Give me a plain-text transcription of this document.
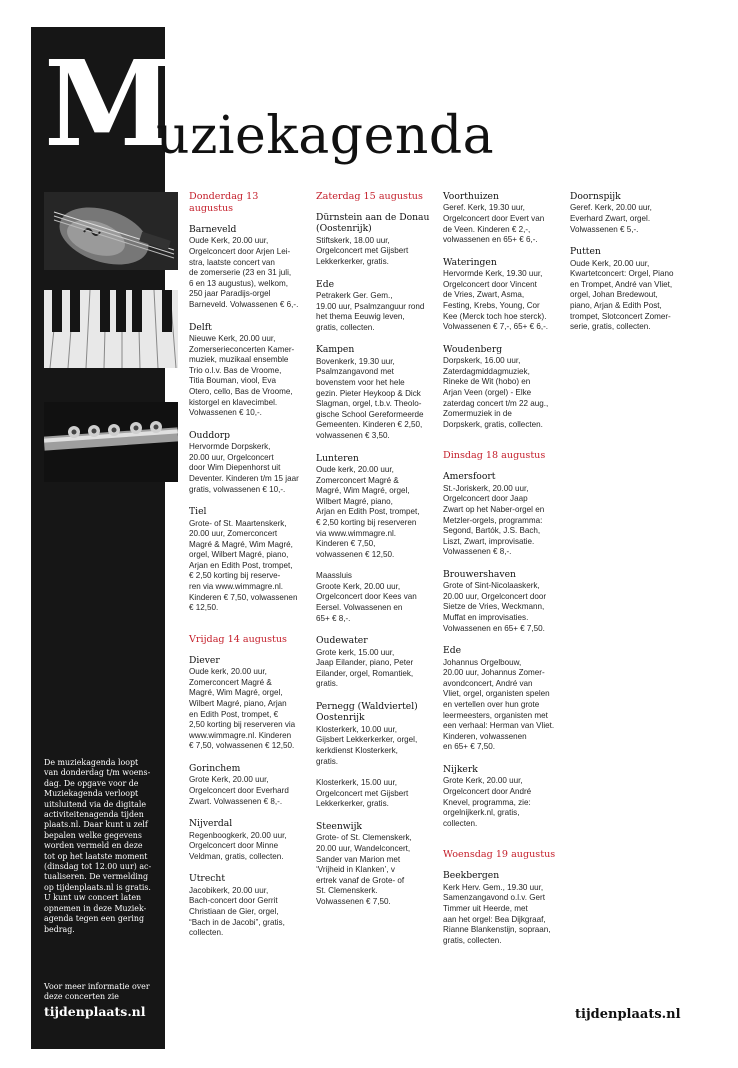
M
uziekagenda
Donderdag 13 augustus
Barneveld
Oude Kerk, 20.00 uur,
Orgelconcert door Arjen Lei-
stra, laatste concert van
de zomerserie (23 en 31 juli,
6 en 13 augustus), welkom,
250 jaar Paradijs-orgel
Barneveld. Volwassenen € 6,-.
Delft
Nieuwe Kerk, 20.00 uur,
Zomerserieconcerten Kamer-
muziek, muzikaal ensemble
Trio o.l.v. Bas de Vroome,
Titia Bouman, viool, Eva
Otero, cello, Bas de Vroome,
kistorgel en klavecimbel.
Volwassenen € 10,-.
Ouddorp
Hervormde Dorpskerk,
20.00 uur, Orgelconcert
door Wim Diepenhorst uit
Deventer. Kinderen t/m 15 jaar
gratis, volwassenen € 10,-.
Tiel
Grote- of St. Maartenskerk,
20.00 uur, Zomerconcert
Magré & Magré, Wim Magré,
orgel, Wilbert Magré, piano,
Arjan en Edith Post, trompet,
€ 2,50 korting bij reserve-
ren via www.wimmagre.nl.
Kinderen € 7,50, volwassenen
€ 12,50.
Vrijdag 14 augustus
Diever
Oude kerk, 20.00 uur,
Zomerconcert Magré &
Magré, Wim Magré, orgel,
Wilbert Magré, piano, Arjan
en Edith Post, trompet, €
2,50 korting bij reserveren via
www.wimmagre.nl. Kinderen
€ 7,50, volwassenen € 12,50.
Gorinchem
Grote Kerk, 20.00 uur,
Orgelconcert door Everhard
Zwart. Volwassenen € 8,-.
Nijverdal
Regenboogkerk, 20.00 uur,
Orgelconcert door Minne
Veldman, gratis, collecten.
Utrecht
Jacobikerk, 20.00 uur,
Bach-concert door Gerrit
Christiaan de Gier, orgel,
“Bach in de Jacobi”, gratis,
collecten.
Zaterdag 15 augustus
Dürnstein aan de Donau
(Oostenrijk)
Stiftskerk, 18.00 uur,
Orgelconcert met Gijsbert
Lekkerkerker, gratis.
Ede
Petrakerk Ger. Gem.,
19.00 uur, Psalmzanguur rond
het thema Eeuwig leven,
gratis, collecten.
Kampen
Bovenkerk, 19.30 uur,
Psalmzangavond met
bovenstem voor het hele
gezin. Pieter Heykoop & Dick
Slagman, orgel, t.b.v. Theolo-
gische School Gereformeerde
Gemeenten. Kinderen € 2,50,
volwassenen € 3,50.
Lunteren
Oude kerk, 20.00 uur,
Zomerconcert Magré &
Magré, Wim Magré, orgel,
Wilbert Magré, piano,
Arjan en Edith Post, trompet,
€ 2,50 korting bij reserveren
via www.wimmagre.nl.
Kinderen € 7,50,
volwassenen € 12,50.
Maassluis
Groote Kerk, 20.00 uur,
Orgelconcert door Kees van
Eersel. Volwassenen en
65+ € 8,-.
Oudewater
Grote kerk, 15.00 uur,
Jaap Eilander, piano, Peter
Eilander, orgel, Romantiek,
gratis.
Pernegg (Waldviertel)
Oostenrijk
Klosterkerk, 10.00 uur,
Gijsbert Lekkerkerker, orgel,
kerkdienst Klosterkerk,
gratis.
Klosterkerk, 15.00 uur,
Orgelconcert met Gijsbert
Lekkerkerker, gratis.
Steenwijk
Grote- of St. Clemenskerk,
20.00 uur, Wandelconcert,
Sander van Marion met
‘Vrijheid in Klanken’, v
ertrek vanaf de Grote- of
St. Clemenskerk.
Volwassenen € 7,50.
Voorthuizen
Geref. Kerk, 19.30 uur,
Orgelconcert door Evert van
de Veen. Kinderen € 2,-,
volwassenen en 65+ € 6,-.
Wateringen
Hervormde Kerk, 19.30 uur,
Orgelconcert door Vincent
de Vries, Zwart, Asma,
Festing, Krebs, Young, Cor
Kee (Merck toch hoe sterck).
Volwassenen € 7,-, 65+ € 6,-.
Woudenberg
Dorpskerk, 16.00 uur,
Zaterdagmiddagmuziek,
Rineke de Wit (hobo) en
Arjan Veen (orgel) - Elke
zaterdag concert t/m 22 aug.,
Zomermuziek in de
Dorpskerk, gratis, collecten.
Dinsdag 18 augustus
Amersfoort
St.-Joriskerk, 20.00 uur,
Orgelconcert door Jaap
Zwart op het Naber-orgel en
Metzler-orgels, programma:
Segond, Bartók, J.S. Bach,
Liszt, Zwart, improvisatie.
Volwassenen € 8,-.
Brouwershaven
Grote of Sint-Nicolaaskerk,
20.00 uur, Orgelconcert door
Sietze de Vries, Weckmann,
Muffat en improvisaties.
Volwassenen en 65+ € 7,50.
Ede
Johannus Orgelbouw,
20.00 uur, Johannus Zomer-
avondconcert, André van
Vliet, orgel, organisten spelen
en vertellen over hun grote
leermeesters, organisten met
een verhaal: Herman van Vliet.
Kinderen, volwassenen
en 65+ € 7,50.
Nijkerk
Grote Kerk, 20.00 uur,
Orgelconcert door André
Knevel, programma, zie:
orgelnijkerk.nl, gratis,
collecten.
Woensdag 19 augustus
Beekbergen
Kerk Herv. Gem., 19.30 uur,
Samenzangavond o.l.v. Gert
Timmer uit Heerde, met
aan het orgel: Bea Dijkgraaf,
Rianne Blankenstijn, sopraan,
gratis, collecten.
Doornspijk
Geref. Kerk, 20.00 uur,
Everhard Zwart, orgel.
Volwassenen € 5,-.
Putten
Oude Kerk, 20.00 uur,
Kwartetconcert: Orgel, Piano
en Trompet, André van Vliet,
orgel, Johan Bredewout,
piano, Arjan & Edith Post,
trompet, Slotconcert Zomer-
serie, gratis, collecten.
De muziekagenda loopt
van donderdag t/m woens-
dag. De opgave voor de
Muziekagenda verloopt
uitsluitend via de digitale
activiteitenagenda tijden
plaats.nl. Daar kunt u zelf
bepalen welke gegevens
worden vermeld en deze
tot op het laatste moment
(dinsdag tot 12.00 uur) ac-
tualiseren. De vermelding
op tijdenplaats.nl is gratis.
U kunt uw concert laten
opnemen in deze Muziek-
agenda tegen een gering
bedrag.
Voor meer informatie over
deze concerten zie
tijdenplaats.nl	tijdenplaats.nl
